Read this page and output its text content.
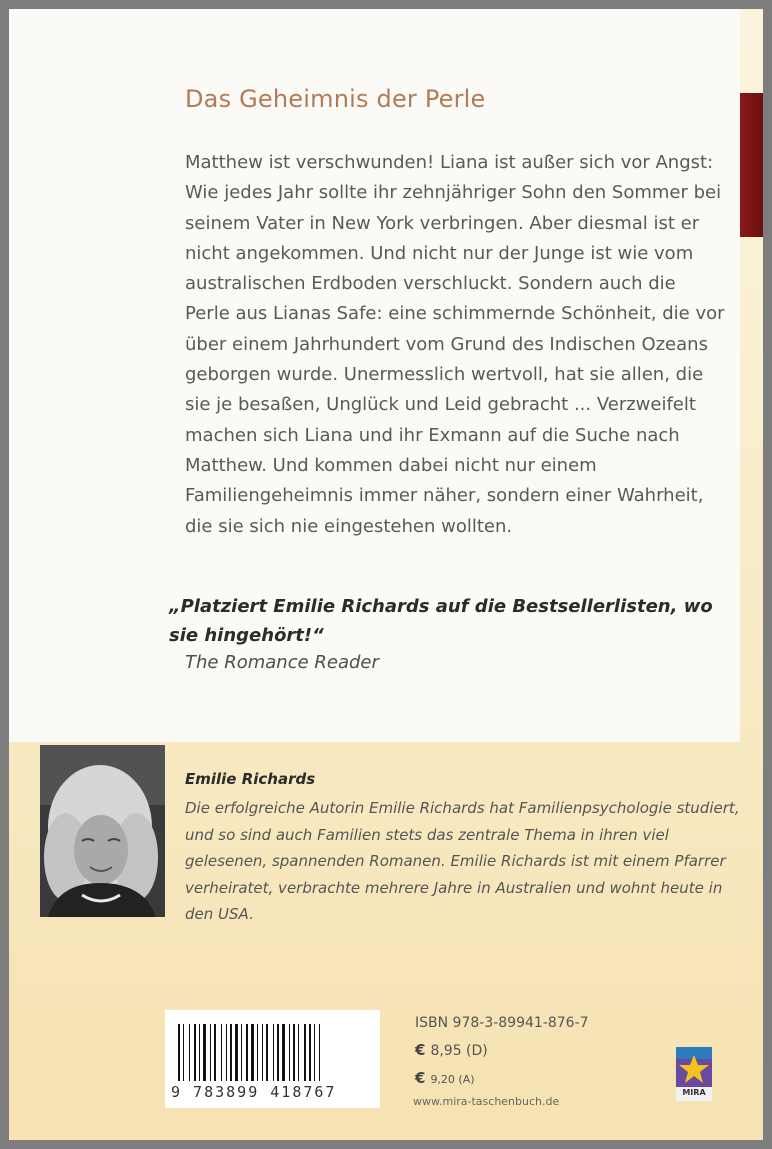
Das Geheimnis der Perle

Matthew ist verschwunden! Liana ist außer sich vor Angst: Wie jedes Jahr sollte ihr zehnjähriger Sohn den Sommer bei seinem Vater in New York verbringen. Aber diesmal ist er nicht angekommen. Und nicht nur der Junge ist wie vom australischen Erdboden verschluckt. Sondern auch die Perle aus Lianas Safe: eine schimmernde Schönheit, die vor über einem Jahrhundert vom Grund des Indischen Ozeans geborgen wurde. Unermesslich wertvoll, hat sie allen, die sie je besaßen, Unglück und Leid gebracht ... Verzweifelt machen sich Liana und ihr Exmann auf die Suche nach Matthew. Und kommen dabei nicht nur einem Familiengeheimnis immer näher, sondern einer Wahrheit, die sie sich nie eingestehen wollten.

„Platziert Emilie Richards auf die Bestsellerlisten, wo sie hingehört!“

The Romance Reader

Emilie Richards

Die erfolgreiche Autorin Emilie Richards hat Familienpsychologie studiert, und so sind auch Familien stets das zentrale Thema in ihren viel gelesenen, spannenden Romanen. Emilie Richards ist mit einem Pfarrer verheiratet, verbrachte mehrere Jahre in Australien und wohnt heute in den USA.

9 783899 418767

ISBN 978-3-89941-876-7

€ 8,95 (D)

€ 9,20 (A)

www.mira-taschenbuch.de

MIRA
